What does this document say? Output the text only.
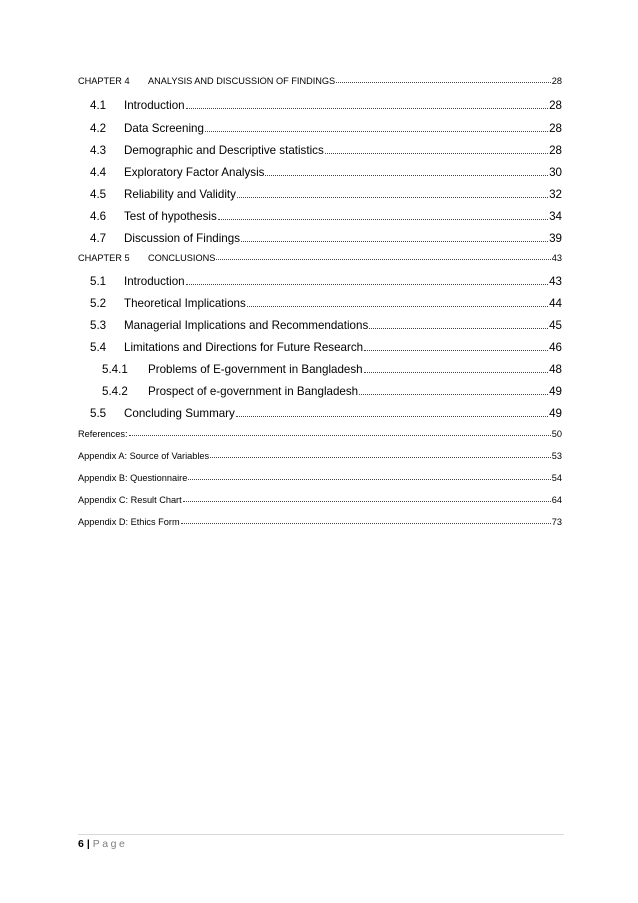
CHAPTER 4	ANALYSIS AND DISCUSSION OF FINDINGS	28
4.1	Introduction	28
4.2	Data Screening	28
4.3	Demographic and Descriptive statistics	28
4.4	Exploratory Factor Analysis	30
4.5	Reliability and Validity	32
4.6	Test of hypothesis	34
4.7	Discussion of Findings	39
CHAPTER 5	CONCLUSIONS	43
5.1	Introduction	43
5.2	Theoretical Implications	44
5.3	Managerial Implications and Recommendations	45
5.4	Limitations and Directions for Future Research	46
5.4.1	Problems of E-government in Bangladesh	48
5.4.2	Prospect of e-government in Bangladesh	49
5.5	Concluding Summary	49
References:	50
Appendix A: Source of Variables	53
Appendix B: Questionnaire	54
Appendix C: Result Chart	64
Appendix D: Ethics Form	73
6 | Page
